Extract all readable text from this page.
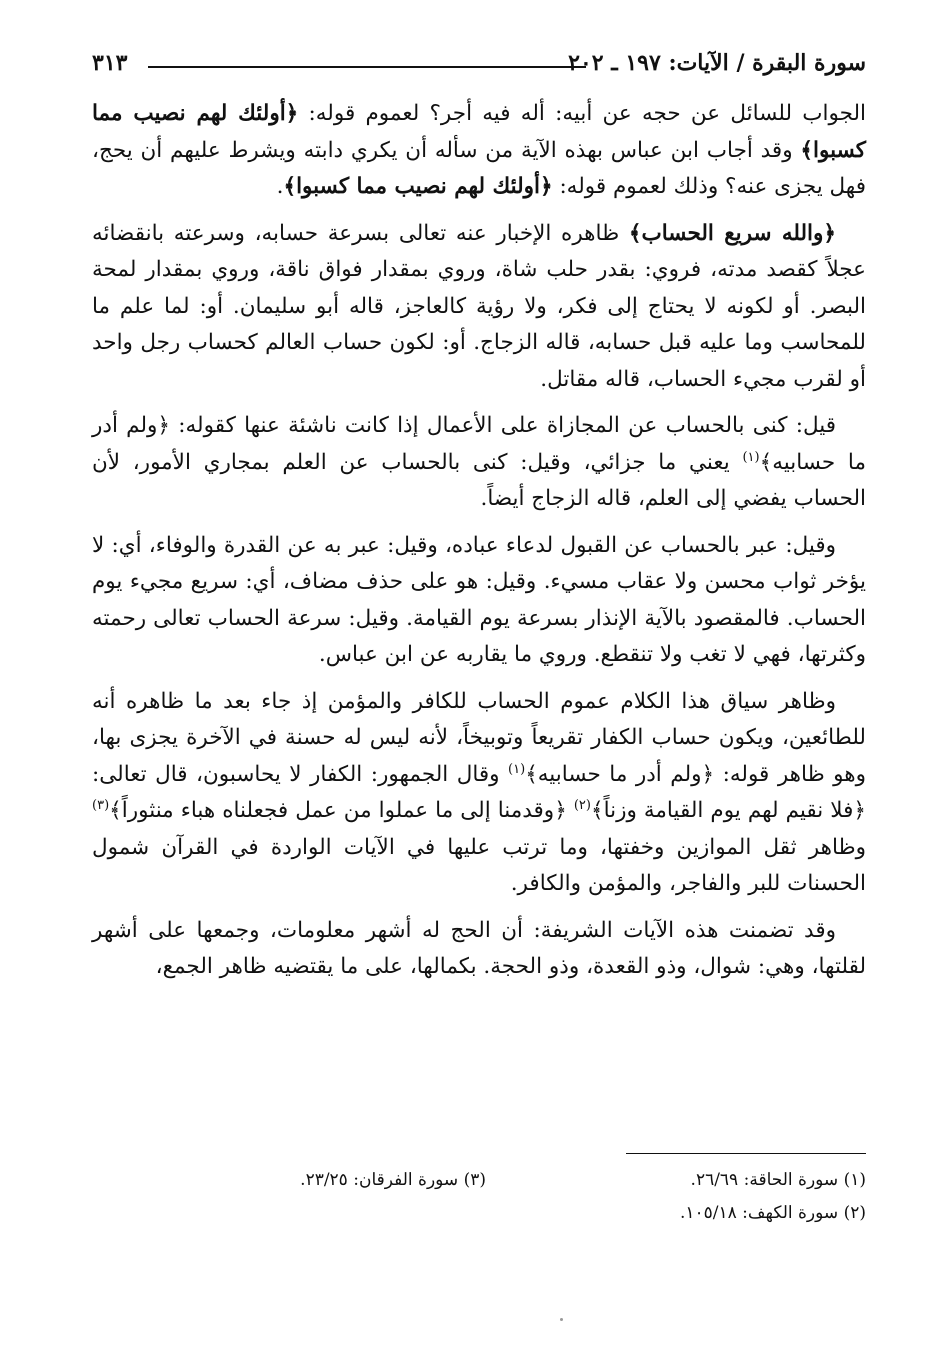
سورة البقرة / الآيات: ١٩٧ ـ ٢٠٢
٣١٣

الجواب للسائل عن حجه عن أبيه: أله فيه أجر؟ لعموم قوله: ﴿أولئك لهم نصيب مما كسبوا﴾ وقد أجاب ابن عباس بهذه الآية من سأله أن يكري دابته ويشرط عليهم أن يحج، فهل يجزى عنه؟ وذلك لعموم قوله: ﴿أولئك لهم نصيب مما كسبوا﴾.

﴿والله سريع الحساب﴾ ظاهره الإخبار عنه تعالى بسرعة حسابه، وسرعته بانقضائه عجلاً كقصد مدته، فروي: بقدر حلب شاة، وروي بمقدار فواق ناقة، وروي بمقدار لمحة البصر. أو لكونه لا يحتاج إلى فكر، ولا رؤية كالعاجز، قاله أبو سليمان. أو: لما علم ما للمحاسب وما عليه قبل حسابه، قاله الزجاج. أو: لكون حساب العالم كحساب رجل واحد أو لقرب مجيء الحساب، قاله مقاتل.

قيل: كنى بالحساب عن المجازاة على الأعمال إذا كانت ناشئة عنها كقوله: ﴿ولم أدر ما حسابيه﴾$^{(١)}$ يعني ما جزائي، وقيل: كنى بالحساب عن العلم بمجاري الأمور، لأن الحساب يفضي إلى العلم، قاله الزجاج أيضاً.

وقيل: عبر بالحساب عن القبول لدعاء عباده، وقيل: عبر به عن القدرة والوفاء، أي: لا يؤخر ثواب محسن ولا عقاب مسيء. وقيل: هو على حذف مضاف، أي: سريع مجيء يوم الحساب. فالمقصود بالآية الإنذار بسرعة يوم القيامة. وقيل: سرعة الحساب تعالى رحمته وكثرتها، فهي لا تغب ولا تنقطع. وروي ما يقاربه عن ابن عباس.

وظاهر سياق هذا الكلام عموم الحساب للكافر والمؤمن إذ جاء بعد ما ظاهره أنه للطائعين، ويكون حساب الكفار تقريعاً وتوبيخاً، لأنه ليس له حسنة في الآخرة يجزى بها، وهو ظاهر قوله: ﴿ولم أدر ما حسابيه﴾$^{(١)}$ وقال الجمهور: الكفار لا يحاسبون، قال تعالى: ﴿فلا نقيم لهم يوم القيامة وزناً﴾$^{(٢)}$ ﴿وقدمنا إلى ما عملوا من عمل فجعلناه هباء منثوراً﴾$^{(٣)}$ وظاهر ثقل الموازين وخفتها، وما ترتب عليها في الآيات الواردة في القرآن شمول الحسنات للبر والفاجر، والمؤمن والكافر.

وقد تضمنت هذه الآيات الشريفة: أن الحج له أشهر معلومات، وجمعها على أشهر لقلتها، وهي: شوال، وذو القعدة، وذو الحجة. بكمالها، على ما يقتضيه ظاهر الجمع،

(١) سورة الحاقة: ٢٦/٦٩.
(٢) سورة الكهف: ١٠٥/١٨.
(٣) سورة الفرقان: ٢٣/٢٥.
